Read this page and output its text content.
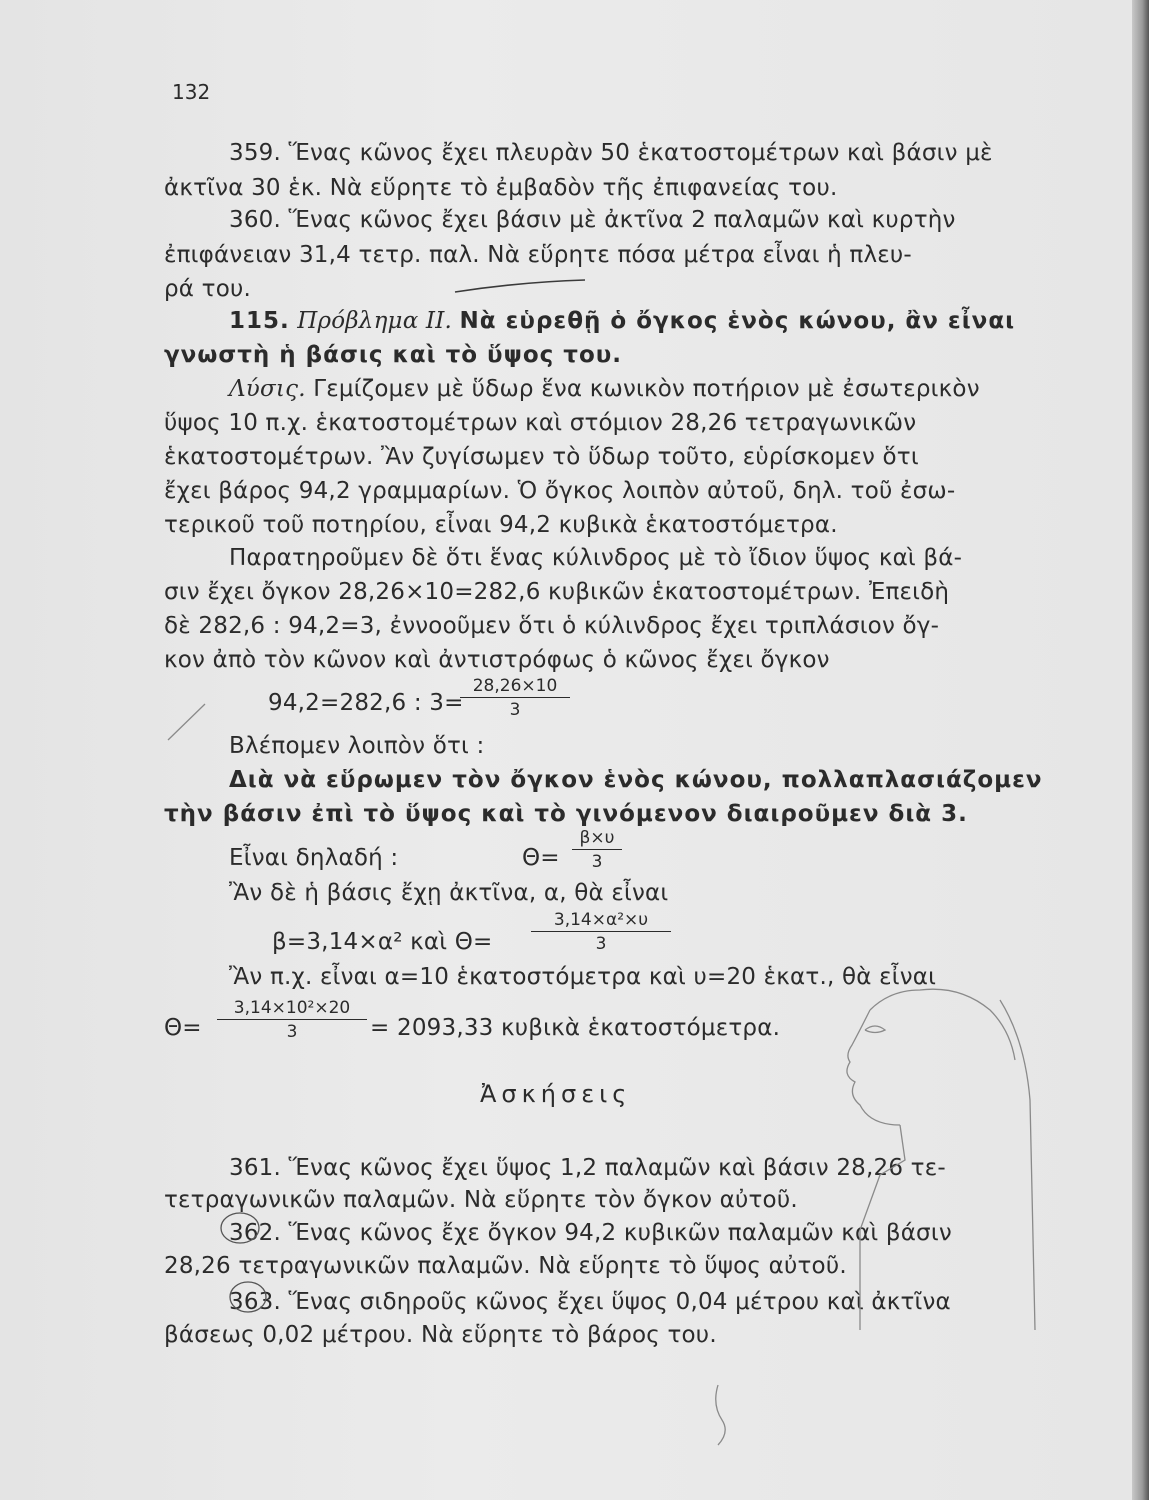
132
359. Ἕνας κῶνος ἔχει πλευρὰν 50 ἑκατοστομέτρων καὶ βάσιν μὲ
ἀκτῖνα 30 ἑκ. Νὰ εὕρητε τὸ ἐμβαδὸν τῆς ἐπιφανείας του.
360. Ἕνας κῶνος ἔχει βάσιν μὲ ἀκτῖνα 2 παλαμῶν καὶ κυρτὴν
ἐπιφάνειαν 31,4 τετρ. παλ. Νὰ εὕρητε πόσα μέτρα εἶναι ἡ πλευ-
ρά του.
115. Πρόβλημα ΙΙ. Νὰ εὑρεθῇ ὁ ὄγκος ἑνὸς κώνου, ἂν εἶναι
γνωστὴ ἡ βάσις καὶ τὸ ὕψος του.
Λύσις. Γεμίζομεν μὲ ὕδωρ ἕνα κωνικὸν ποτήριον μὲ ἐσωτερικὸν
ὕψος 10 π.χ. ἑκατοστομέτρων καὶ στόμιον 28,26 τετραγωνικῶν
ἑκατοστομέτρων. Ἂν ζυγίσωμεν τὸ ὕδωρ τοῦτο, εὑρίσκομεν ὅτι
ἔχει βάρος 94,2 γραμμαρίων. Ὁ ὄγκος λοιπὸν αὐτοῦ, δηλ. τοῦ ἐσω-
τερικοῦ τοῦ ποτηρίου, εἶναι 94,2 κυβικὰ ἑκατοστόμετρα.
Παρατηροῦμεν δὲ ὅτι ἕνας κύλινδρος μὲ τὸ ἴδιον ὕψος καὶ βά-
σιν ἔχει ὄγκον 28,26×10=282,6 κυβικῶν ἑκατοστομέτρων. Ἐπειδὴ
δὲ 282,6 : 94,2=3, ἐννοοῦμεν ὅτι ὁ κύλινδρος ἔχει τριπλάσιον ὄγ-
κον ἀπὸ τὸν κῶνον καὶ ἀντιστρόφως ὁ κῶνος ἔχει ὄγκον
94,2=282,6 : 3=
$\frac{28,26\times 10}{3}$
Βλέπομεν λοιπὸν ὅτι :
Διὰ νὰ εὕρωμεν τὸν ὄγκον ἑνὸς κώνου, πολλαπλασιάζομεν
τὴν βάσιν ἐπὶ τὸ ὕψος καὶ τὸ γινόμενον διαιροῦμεν διὰ 3.
Εἶναι δηλαδή :	$\Theta= \frac{\beta\times\upsilon}{3}$
Ἂν δὲ ἡ βάσις ἔχῃ ἀκτῖνα, α, θὰ εἶναι
β=3,14×α² καὶ $\Theta= \frac{\text{3,14×α²×υ}}{3}$
Ἂν π.χ. εἶναι α=10 ἑκατοστόμετρα καὶ υ=20 ἑκατ., θὰ εἶναι
$\Theta= \frac{\text{3,14×10²×20}}{3} = 2093,33$ κυβικὰ ἑκατοστόμετρα.
Ἀσκήσεις
361. Ἕνας κῶνος ἔχει ὕψος 1,2 παλαμῶν καὶ βάσιν 28,26 τε-
τετραγωνικῶν παλαμῶν. Νὰ εὕρητε τὸν ὄγκον αὐτοῦ.
362. Ἕνας κῶνος ἔχε ὄγκον 94,2 κυβικῶν παλαμῶν καὶ βάσιν
28,26 τετραγωνικῶν παλαμῶν. Νὰ εὕρητε τὸ ὕψος αὐτοῦ.
363. Ἕνας σιδηροῦς κῶνος ἔχει ὕψος 0,04 μέτρου καὶ ἀκτῖνα
βάσεως 0,02 μέτρου. Νὰ εὕρητε τὸ βάρος του.
